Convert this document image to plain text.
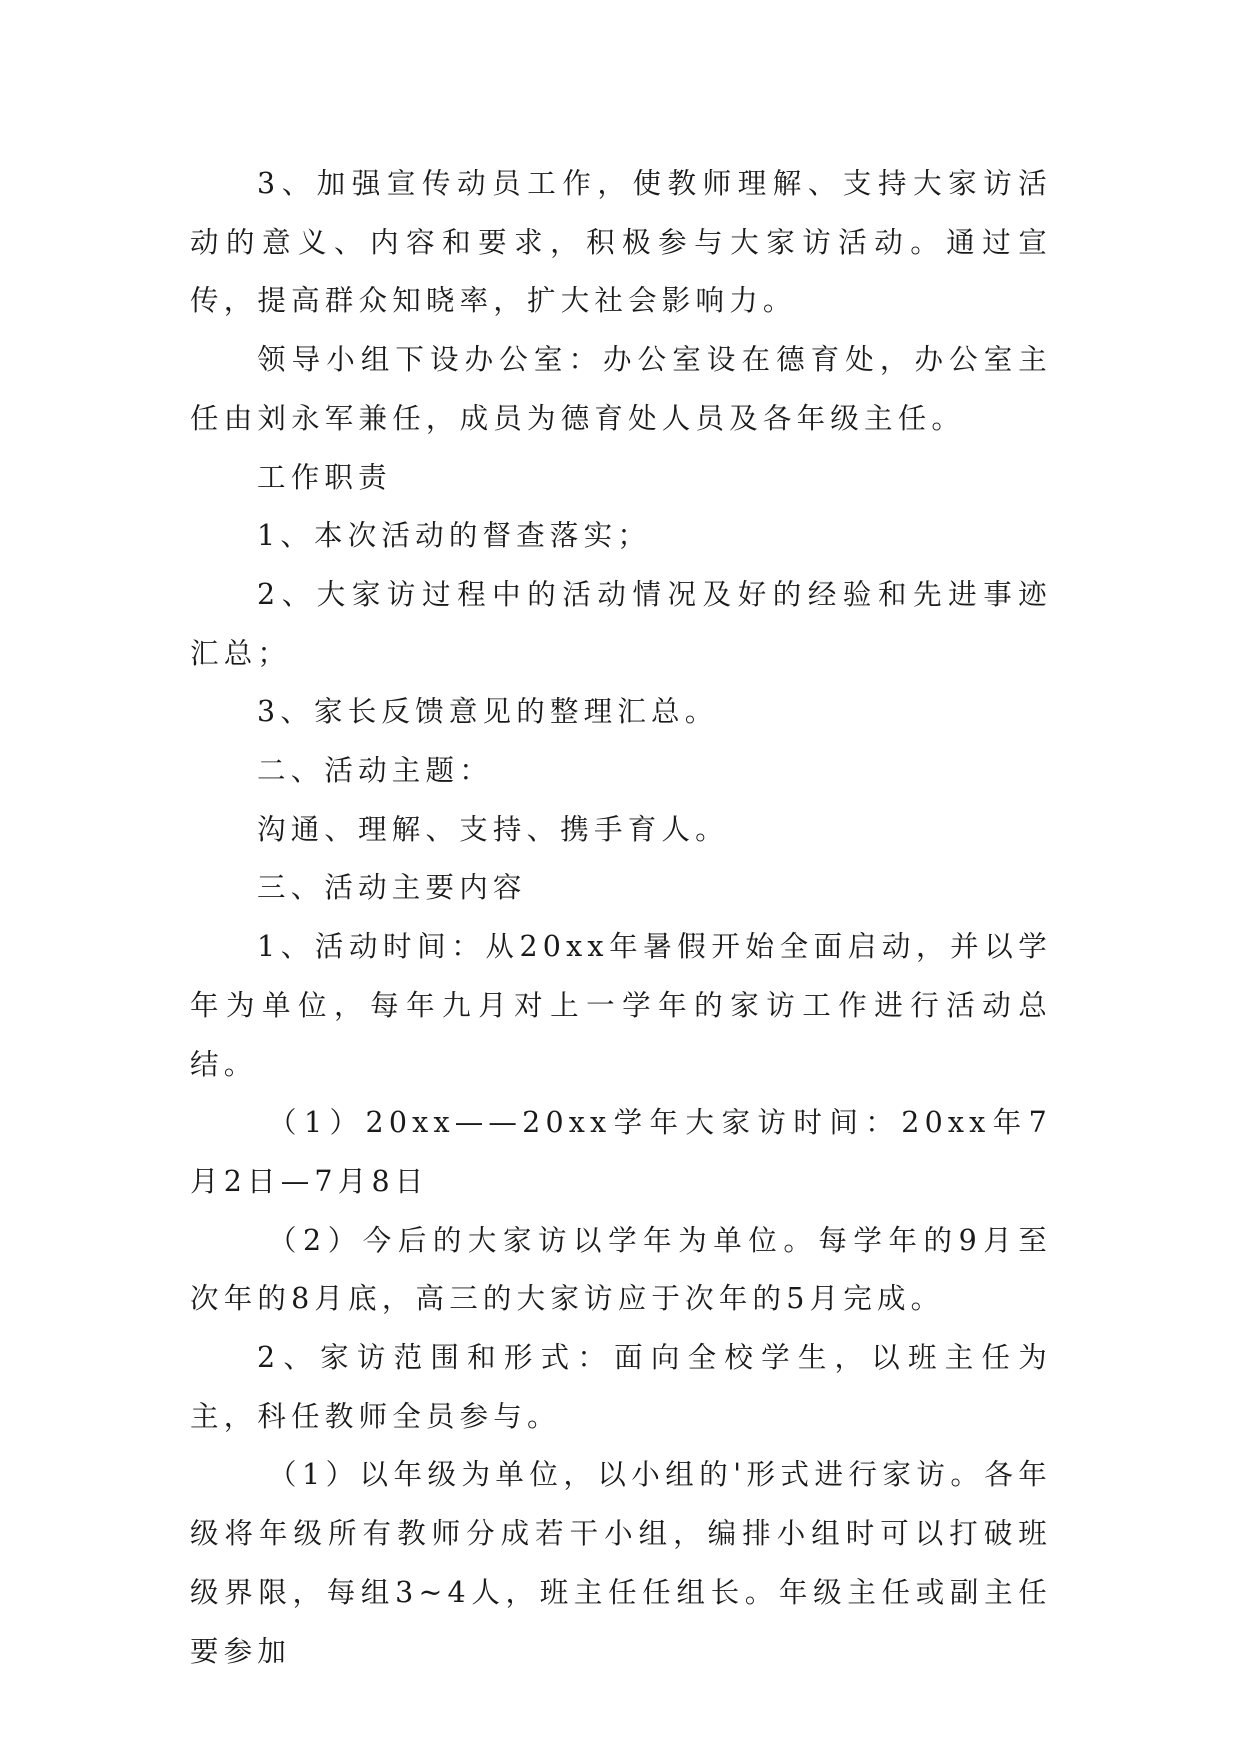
3、加强宣传动员工作，使教师理解、支持大家访活动的意义、内容和要求，积极参与大家访活动。通过宣传，提高群众知晓率，扩大社会影响力。

领导小组下设办公室：办公室设在德育处，办公室主任由刘永军兼任，成员为德育处人员及各年级主任。

工作职责

1、本次活动的督查落实；

2、大家访过程中的活动情况及好的经验和先进事迹汇总；

3、家长反馈意见的整理汇总。

二、活动主题：

沟通、理解、支持、携手育人。

三、活动主要内容

1、活动时间：从20xx年暑假开始全面启动，并以学年为单位，每年九月对上一学年的家访工作进行活动总结。

（1）20xx——20xx学年大家访时间：20xx年7月2日—7月8日

（2）今后的大家访以学年为单位。每学年的9月至次年的8月底，高三的大家访应于次年的5月完成。

2、家访范围和形式：面向全校学生，以班主任为主，科任教师全员参与。

（1）以年级为单位，以小组的'形式进行家访。各年级将年级所有教师分成若干小组，编排小组时可以打破班级界限，每组3~4人，班主任任组长。年级主任或副主任要参加
